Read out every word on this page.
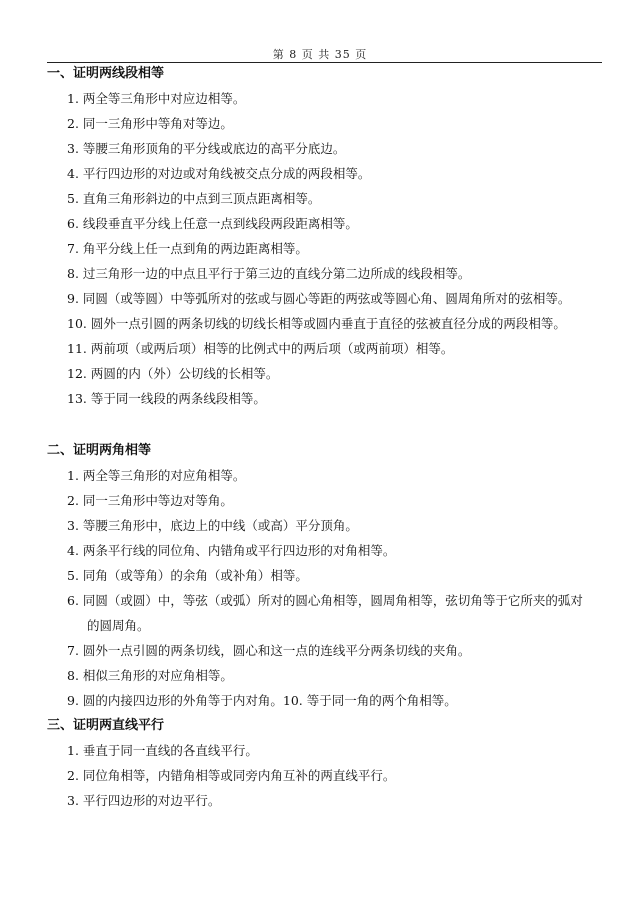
第 8 页 共 35 页
一、证明两线段相等
1. 两全等三角形中对应边相等。
2. 同一三角形中等角对等边。
3. 等腰三角形顶角的平分线或底边的高平分底边。
4. 平行四边形的对边或对角线被交点分成的两段相等。
5. 直角三角形斜边的中点到三顶点距离相等。
6. 线段垂直平分线上任意一点到线段两段距离相等。
7. 角平分线上任一点到角的两边距离相等。
8. 过三角形一边的中点且平行于第三边的直线分第二边所成的线段相等。
9. 同圆（或等圆）中等弧所对的弦或与圆心等距的两弦或等圆心角、圆周角所对的弦相等。
10. 圆外一点引圆的两条切线的切线长相等或圆内垂直于直径的弦被直径分成的两段相等。
11. 两前项（或两后项）相等的比例式中的两后项（或两前项）相等。
12. 两圆的内（外）公切线的长相等。
13. 等于同一线段的两条线段相等。
二、证明两角相等
1. 两全等三角形的对应角相等。
2. 同一三角形中等边对等角。
3. 等腰三角形中，底边上的中线（或高）平分顶角。
4. 两条平行线的同位角、内错角或平行四边形的对角相等。
5. 同角（或等角）的余角（或补角）相等。
6. 同圆（或圆）中，等弦（或弧）所对的圆心角相等，圆周角相等，弦切角等于它所夹的弧对
的圆周角。
7. 圆外一点引圆的两条切线，圆心和这一点的连线平分两条切线的夹角。
8. 相似三角形的对应角相等。
9. 圆的内接四边形的外角等于内对角。10. 等于同一角的两个角相等。
三、证明两直线平行
1. 垂直于同一直线的各直线平行。
2. 同位角相等，内错角相等或同旁内角互补的两直线平行。
3. 平行四边形的对边平行。
